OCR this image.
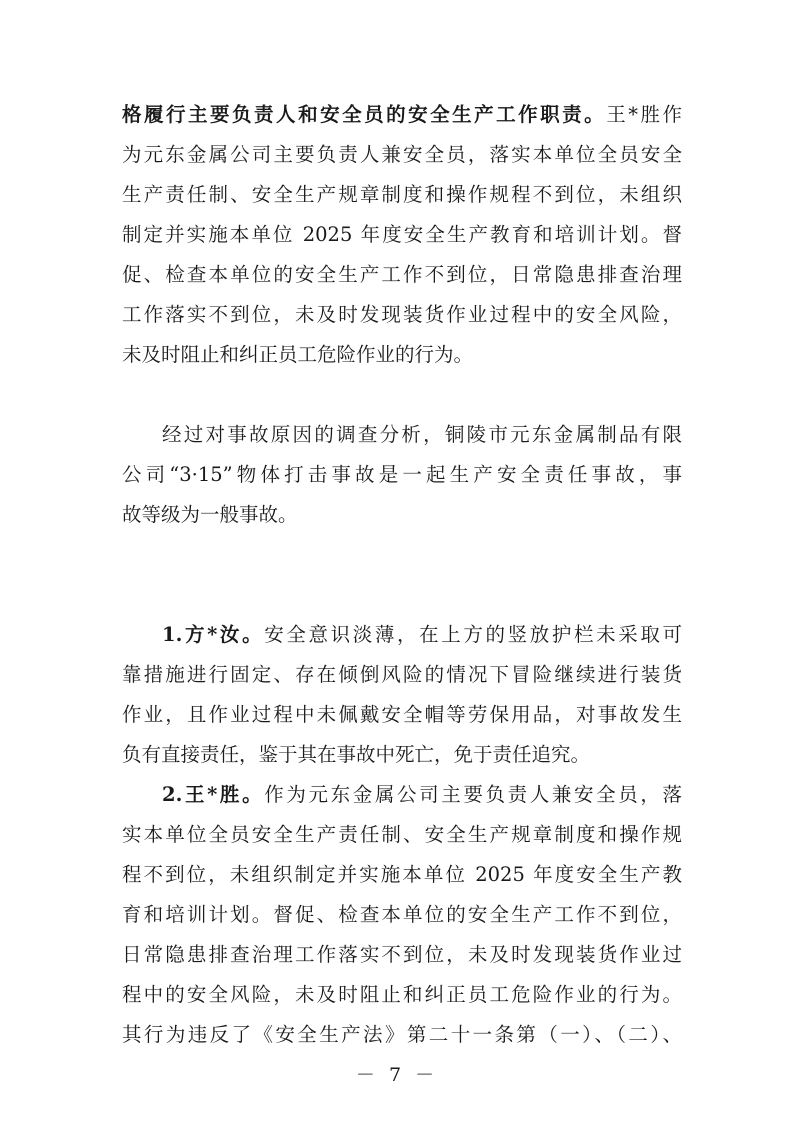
格履行主要负责人和安全员的安全生产工作职责。王*胜作
为元东金属公司主要负责人兼安全员，落实本单位全员安全
生产责任制、安全生产规章制度和操作规程不到位，未组织
制定并实施本单位 2025 年度安全生产教育和培训计划。督
促、检查本单位的安全生产工作不到位，日常隐患排查治理
工作落实不到位，未及时发现装货作业过程中的安全风险，
未及时阻止和纠正员工危险作业的行为。
经过对事故原因的调查分析，铜陵市元东金属制品有限
公司“3·15”物体打击事故是一起生产安全责任事故，事
故等级为一般事故。
1.方*汝。安全意识淡薄，在上方的竖放护栏未采取可
靠措施进行固定、存在倾倒风险的情况下冒险继续进行装货
作业，且作业过程中未佩戴安全帽等劳保用品，对事故发生
负有直接责任，鉴于其在事故中死亡，免于责任追究。
2.王*胜。作为元东金属公司主要负责人兼安全员，落
实本单位全员安全生产责任制、安全生产规章制度和操作规
程不到位，未组织制定并实施本单位 2025 年度安全生产教
育和培训计划。督促、检查本单位的安全生产工作不到位，
日常隐患排查治理工作落实不到位，未及时发现装货作业过
程中的安全风险，未及时阻止和纠正员工危险作业的行为。
－ 7 －
其行为违反了《安全生产法》第二十一条第（一）、（二）、
